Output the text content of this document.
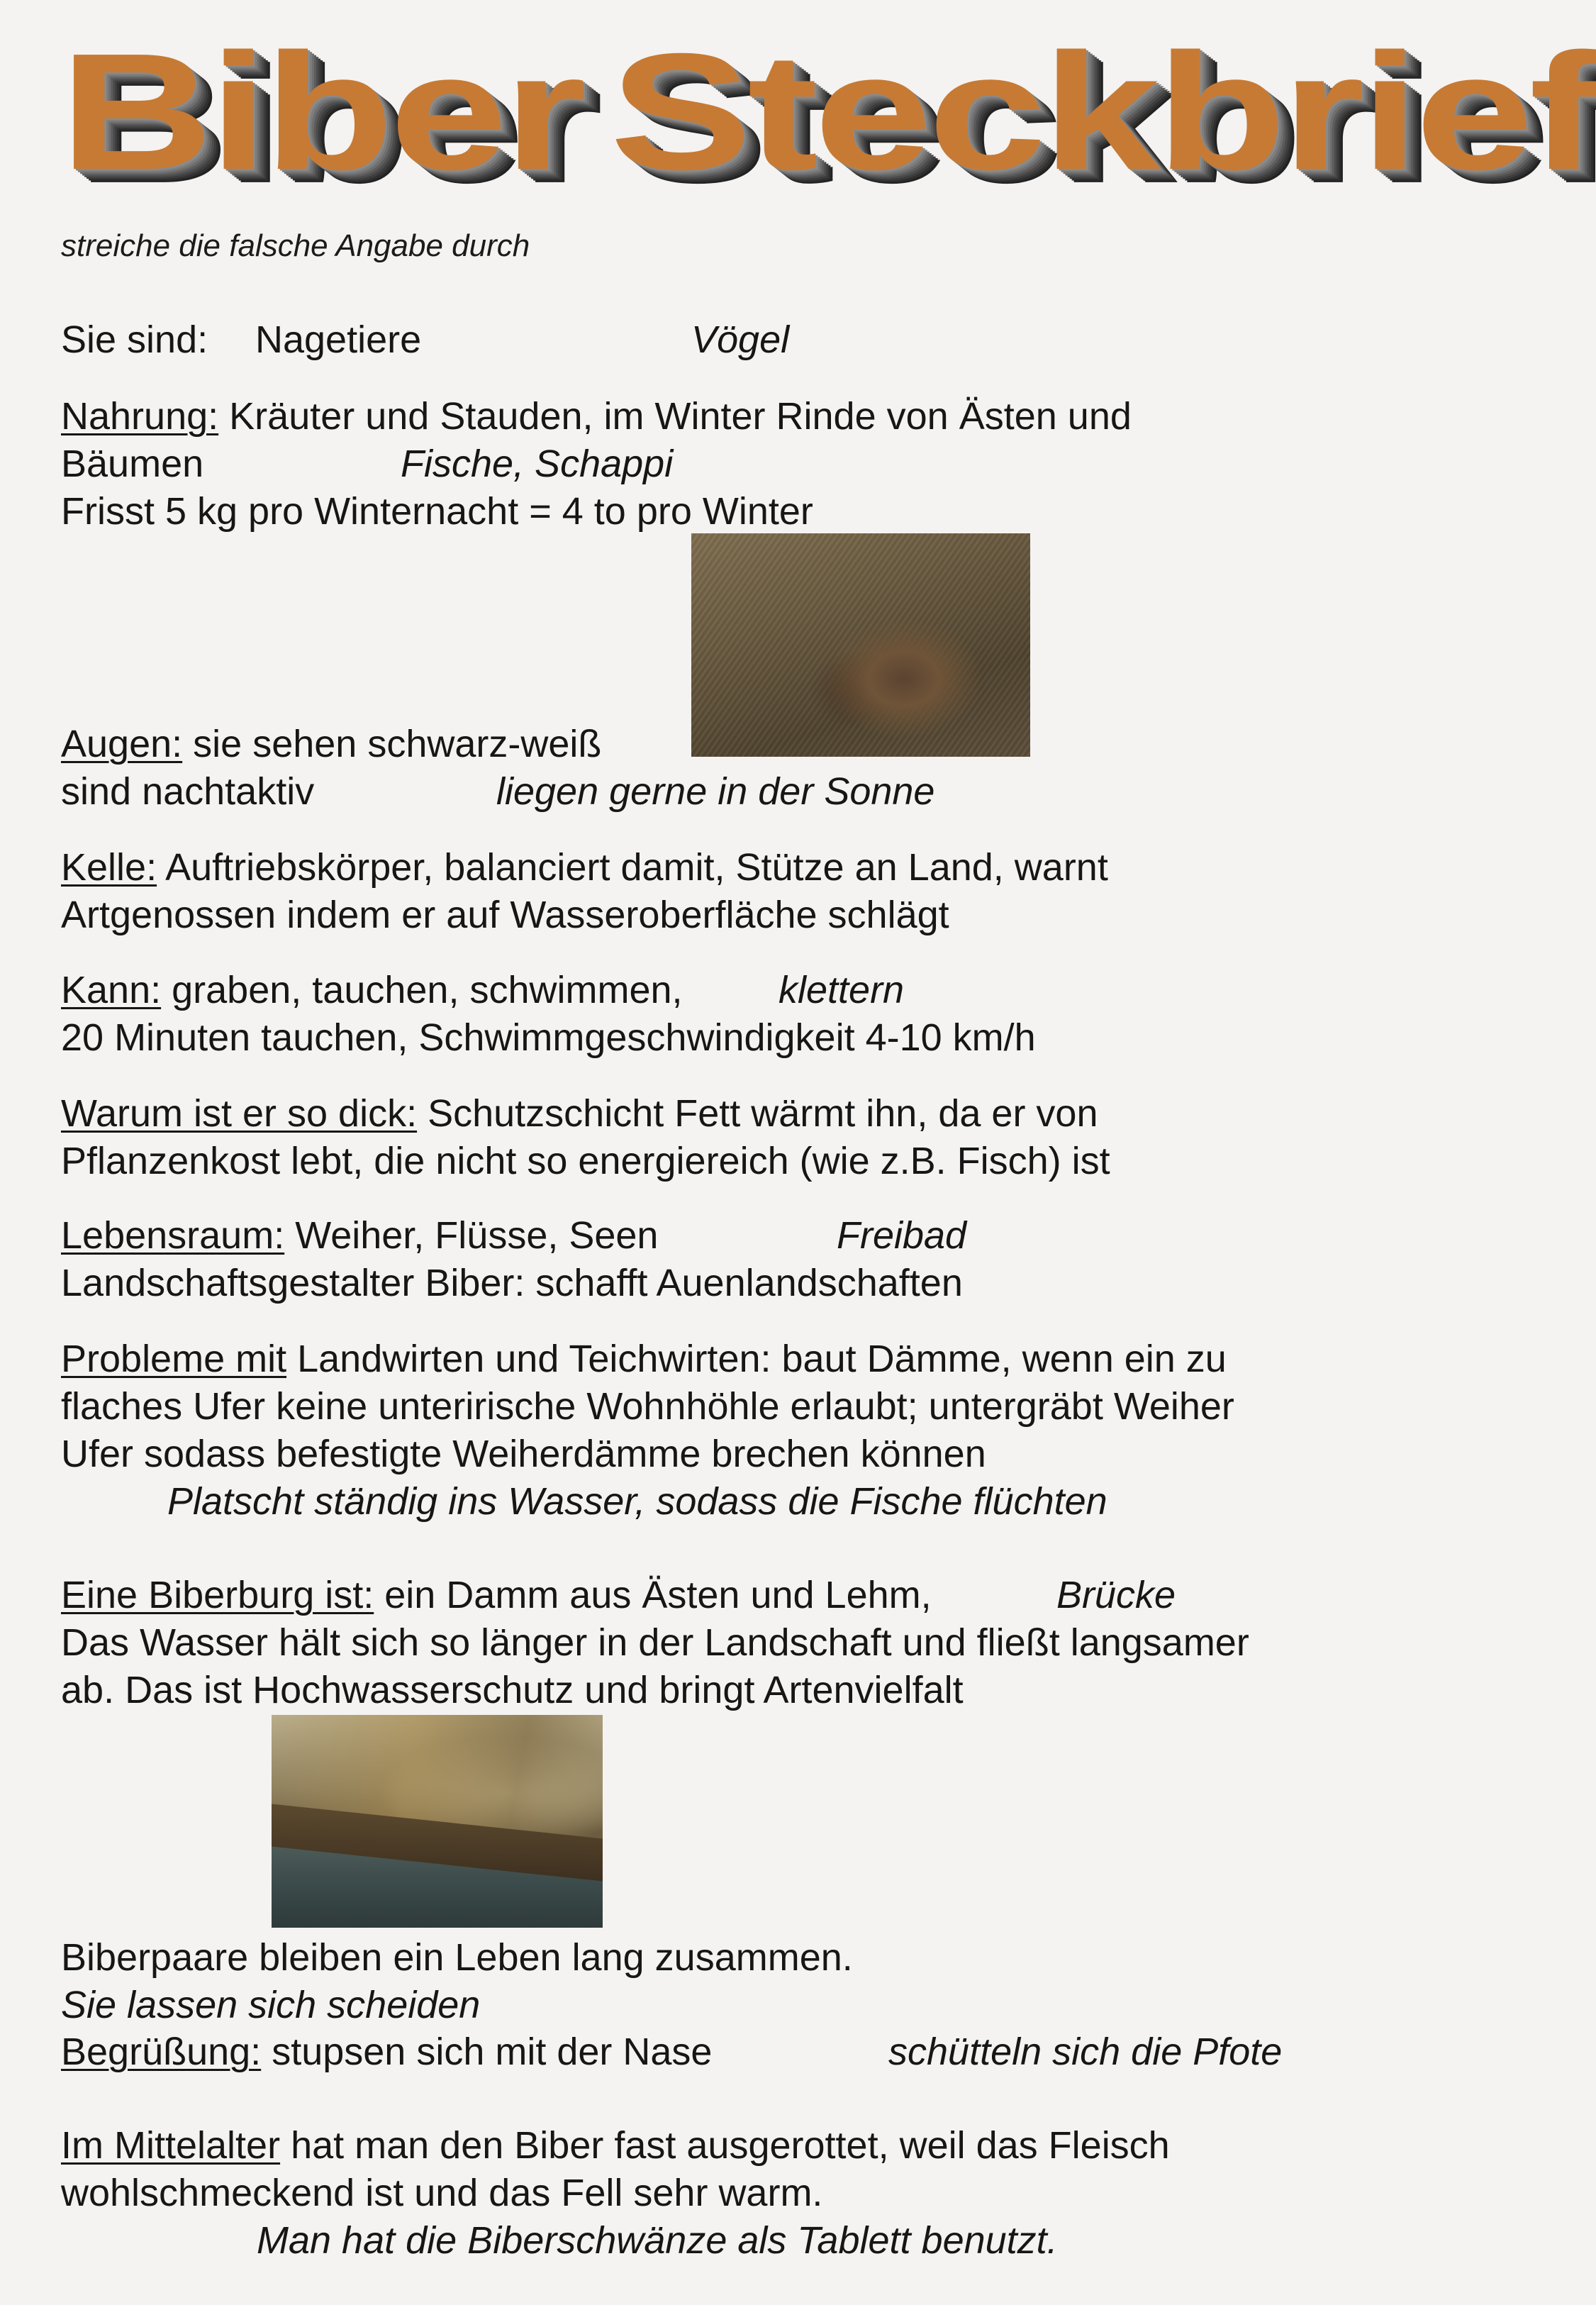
Biber Steckbrief
streiche die falsche Angabe durch
Sie sind: Nagetiere	Vögel
Nahrung: Kräuter und Stauden, im Winter Rinde von Ästen und
Bäumen	Fische, Schappi
Frisst 5 kg pro Winternacht = 4 to pro Winter
Augen: sie sehen schwarz-weiß
sind nachtaktiv	liegen gerne in der Sonne
Kelle: Auftriebskörper, balanciert damit, Stütze an Land, warnt
Artgenossen indem er auf Wasseroberfläche schlägt
Kann: graben, tauchen, schwimmen,	klettern
20 Minuten tauchen, Schwimmgeschwindigkeit 4-10 km/h
Warum ist er so dick: Schutzschicht Fett wärmt ihn, da er von
Pflanzenkost lebt, die nicht so energiereich (wie z.B. Fisch) ist
Lebensraum: Weiher, Flüsse, Seen	Freibad
Landschaftsgestalter Biber: schafft Auenlandschaften
Probleme mit Landwirten und Teichwirten: baut Dämme, wenn ein zu
flaches Ufer keine unterirische Wohnhöhle erlaubt; untergräbt Weiher
Ufer sodass befestigte Weiherdämme brechen können
Platscht ständig ins Wasser, sodass die Fische flüchten
Eine Biberburg ist: ein Damm aus Ästen und Lehm,	Brücke
Das Wasser hält sich so länger in der Landschaft und fließt langsamer
ab. Das ist Hochwasserschutz und bringt Artenvielfalt
Biberpaare bleiben ein Leben lang zusammen.
Sie lassen sich scheiden
Begrüßung: stupsen sich mit der Nase	schütteln sich die Pfote
Im Mittelalter hat man den Biber fast ausgerottet, weil das Fleisch
wohlschmeckend ist und das Fell sehr warm.
Man hat die Biberschwänze als Tablett benutzt.
